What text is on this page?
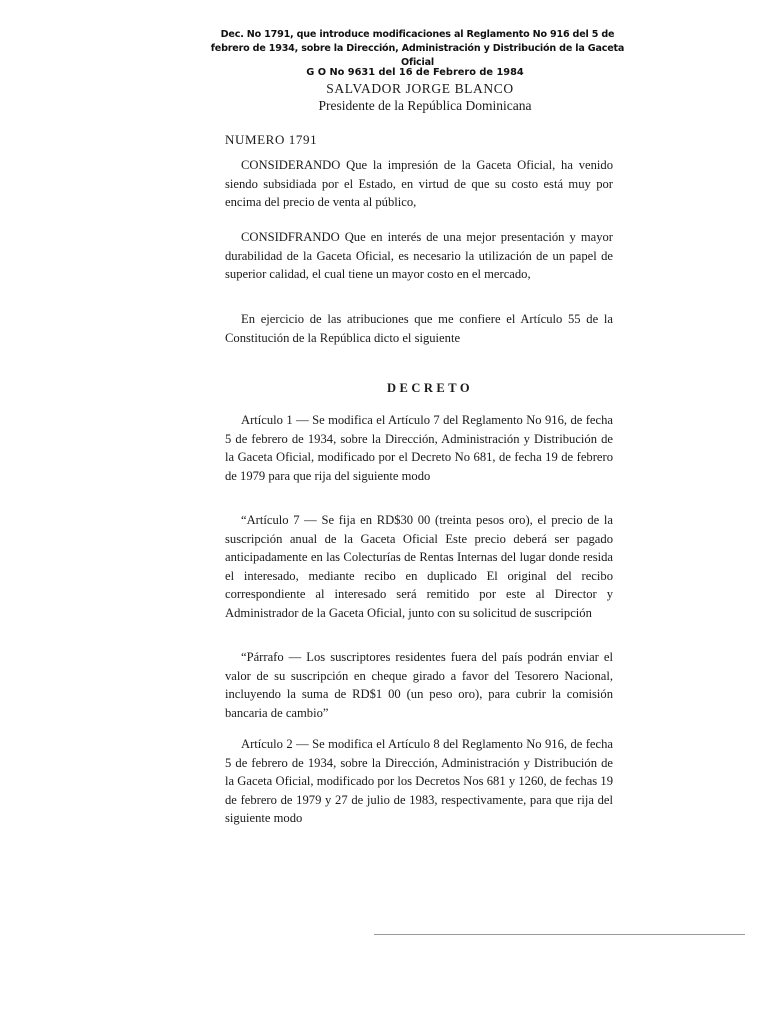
Dec. No 1791, que introduce modificaciones al Reglamento No 916 del 5 de febrero de 1934, sobre la Dirección, Administración y Distribución de la Gaceta Oficial
G O No 9631 del 16 de Febrero de 1984
SALVADOR JORGE BLANCO
Presidente de la República Dominicana
NUMERO 1791
CONSIDERANDO Que la impresión de la Gaceta Oficial, ha venido siendo subsidiada por el Estado, en virtud de que su costo está muy por encima del precio de venta al público,
CONSIDFRANDO Que en interés de una mejor presentación y mayor durabilidad de la Gaceta Oficial, es necesario la utilización de un papel de superior calidad, el cual tiene un mayor costo en el mercado,
En ejercicio de las atribuciones que me confiere el Artículo 55 de la Constitución de la República dicto el siguiente
DECRETO
Artículo 1 — Se modifica el Artículo 7 del Reglamento No 916, de fecha 5 de febrero de 1934, sobre la Dirección, Administración y Distribución de la Gaceta Oficial, modificado por el Decreto No 681, de fecha 19 de febrero de 1979 para que rija del siguiente modo
“Artículo 7 — Se fija en RD$30 00 (treinta pesos oro), el precio de la suscripción anual de la Gaceta Oficial Este precio deberá ser pagado anticipadamente en las Colecturías de Rentas Internas del lugar donde resida el interesado, mediante recibo en duplicado El original del recibo correspondiente al interesado será remitido por este al Director y Administrador de la Gaceta Oficial, junto con su solicitud de suscripción
“Párrafo — Los suscriptores residentes fuera del país podrán enviar el valor de su suscripción en cheque girado a favor del Tesorero Nacional, incluyendo la suma de RD$1 00 (un peso oro), para cubrir la comisión bancaria de cambio”
Artículo 2 — Se modifica el Artículo 8 del Reglamento No 916, de fecha 5 de febrero de 1934, sobre la Dirección, Administración y Distribución de la Gaceta Oficial, modificado por los Decretos Nos 681 y 1260, de fechas 19 de febrero de 1979 y 27 de julio de 1983, respectivamente, para que rija del siguiente modo
